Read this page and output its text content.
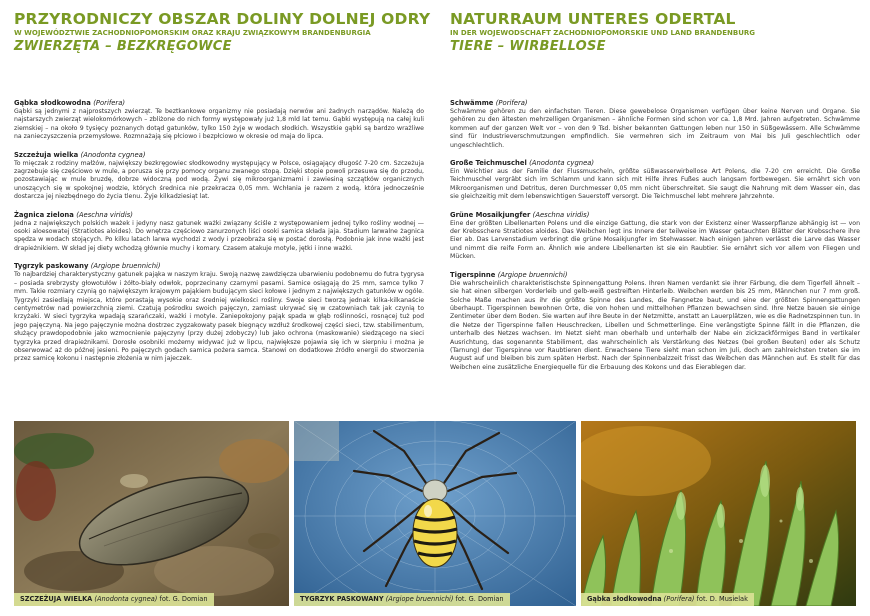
PRZYRODNICZY OBSZAR DOLINY DOLNEJ ODRY
W WOJEWÓDZTWIE ZACHODNIOPOMORSKIM ORAZ KRAJU ZWIĄZKOWYM BRANDENBURGIA
ZWIERZĘTA – BEZKRĘGOWCE
Gąbka słodkowodna (Porifera)
Gąbki są jednymi z najprostszych zwierząt. Te beztkankowe organizmy nie posiadają nerwów ani żadnych narządów. Należą do najstarszych zwierząt wielokomórkowych – zbliżone do nich formy występowały już 1,8 mld lat temu. Gąbki występują na całej kuli ziemskiej – na około 9 tysięcy poznanych dotąd gatunków, tylko 150 żyje w wodach słodkich. Wszystkie gąbki są bardzo wrażliwe na zanieczyszczenia przemysłowe. Rozmnażają się płciowo i bezpłciowo w okresie od maja do lipca.
Szczeżuja wielka (Anodonta cygnea)
To mięczak z rodziny małżów, największy bezkręgowiec słodkowodny występujący w Polsce, osiągający długość 7-20 cm. Szczeżuja zagrzebuje się częściowo w mule, a porusza się przy pomocy organu zwanego stopą. Dzięki stopie powoli przesuwa się do przodu, pozostawiając w mule bruzdę, dobrze widoczną pod wodą. Żywi się mikroorganizmami i zawiesiną szczątków organicznych unoszących się w spokojnej wodzie, których średnica nie przekracza 0,05 mm. Wchłania je razem z wodą, która jednocześnie dostarcza jej niezbędnego do życia tlenu. Żyje kilkadziesiąt lat.
Żagnica zielona (Aeschna viridis)
Jedna z największych polskich ważek i jedyny nasz gatunek ważki związany ściśle z występowaniem jednej tylko rośliny wodnej — osoki aloesowatej (Stratiotes aloides). Do wnętrza częściowo zanurzonych liści osoki samica składa jaja. Stadium larwalne żagnica spędza w wodach stojących. Po kilku latach larwa wychodzi z wody i przeobraża się w postać dorosłą. Podobnie jak inne ważki jest drapieżnikiem. W skład jej diety wchodzą głównie muchy i komary. Czasem atakuje motyle, jętki i inne ważki.
Tygrzyk paskowany (Argiope bruennichi)
To najbardziej charakterystyczny gatunek pająka w naszym kraju. Swoją nazwę zawdzięcza ubarwieniu podobnemu do futra tygrysa – posiada srebrzysty głowotułów i żółto-biały odwłok, poprzecinany czarnymi pasami. Samice osiągają do 25 mm, samce tylko 7 mm. Takie rozmiary czynią go największym krajowym pająkiem budującym sieci kołowe i jednym z największych gatunków w ogóle. Tygrzyki zasiedlają miejsca, które porastają wysokie oraz średniej wielkości rośliny. Swoje sieci tworzą jednak kilka-kilkanaście centymetrów nad powierzchnią ziemi. Czatują pośrodku swoich pajęczyn, zamiast ukrywać się w czatowniach tak jak czynią to krzyżaki. W sieci tygrzyka wpadają szarańczaki, ważki i motyle. Zaniepokojony pająk spada w głąb roślinności, rosnącej tuż pod jego pajęczyną. Na jego pajęczynie można dostrzec zygzakowaty pasek biegnący wzdłuż środkowej części sieci, tzw. stabilimentum, służący prawdopodobnie jako wzmocnienie pajęczyny (przy dużej zdobyczy) lub jako ochrona (maskowanie) siedzącego na sieci tygrzyka przed drapieżnikami. Dorosłe osobniki możemy widywać już w lipcu, największe pojawia się ich w sierpniu i można je obserwować aż do późnej jesieni. Po pajęczych godach samica pożera samca. Stanowi on dodatkowe źródło energii do stworzenia przez samicę kokonu i następnie złożenia w nim jajeczek.
NATURRAUM UNTERES ODERTAL
IN DER WOJEWODSCHAFT ZACHODNIOPOMORSKIE UND LAND BRANDENBURG
TIERE – WIRBELLOSE
Schwämme (Porifera)
Schwämme gehören zu den einfachsten Tieren. Diese gewebelose Organismen verfügen über keine Nerven und Organe. Sie gehören zu den ältesten mehrzelligen Organismen – ähnliche Formen sind schon vor ca. 1,8 Mrd. Jahren aufgetreten. Schwämme kommen auf der ganzen Welt vor – von den 9 Tsd. bisher bekannten Gattungen leben nur 150 in Süßgewässern. Alle Schwämme sind für Industrieverschmutzungen empfindlich. Sie vermehren sich im Zeitraum von Mai bis Juli geschlechtlich oder ungeschlechtlich.
Große Teichmuschel (Anodonta cygnea)
Ein Weichtier aus der Familie der Flussmuscheln, größte süßwasserwirbellose Art Polens, die 7-20 cm erreicht. Die Große Teichmuschel vergräbt sich im Schlamm und kann sich mit Hilfe ihres Fußes auch langsam fortbewegen. Sie ernährt sich von Mikroorganismen und Detritus, deren Durchmesser 0,05 mm nicht überschreitet. Sie saugt die Nahrung mit dem Wasser ein, das sie gleichzeitig mit dem lebenswichtigen Sauerstoff versorgt. Die Teichmuschel lebt mehrere Jahrzehnte.
Grüne Mosaikjungfer (Aeschna viridis)
Eine der größten Libellenarten Polens und die einzige Gattung, die stark von der Existenz einer Wasserpflanze abhängig ist — von der Krebsschere Stratiotes aloides. Das Weibchen legt ins Innere der teilweise im Wasser getauchten Blätter der Krebsschere ihre Eier ab. Das Larvenstadium verbringt die grüne Mosaikjungfer im Stehwasser. Nach einigen Jahren verlässt die Larve das Wasser und nimmt die reife Form an. Ähnlich wie andere Libellenarten ist sie ein Raubtier. Sie ernährt sich vor allem von Fliegen und Mücken.
Tigerspinne (Argiope bruennichi)
Die wahrscheinlich charakteristischste Spinnengattung Polens. Ihren Namen verdankt sie ihrer Färbung, die dem Tigerfell ähnelt – sie hat einen silbergen Vorderleib und gelb-weiß gestreiften Hinterleib. Weibchen werden bis 25 mm, Männchen nur 7 mm groß. Solche Maße machen aus ihr die größte Spinne des Landes, die Fangnetze baut, und eine der größten Spinnengattungen überhaupt. Tigerspinnen bewohnen Orte, die von hohen und mittelhohen Pflanzen bewachsen sind. Ihre Netze bauen sie einige Zentimeter über dem Boden. Sie warten auf ihre Beute in der Netzmitte, anstatt an Lauerplätzen, wie es die Radnetzspinnen tun. In die Netze der Tigerspinne fallen Heuschrecken, Libellen und Schmetterlinge. Eine verängstigte Spinne fällt in die Pflanzen, die unterhalb des Netzes wachsen. Im Netzt sieht man oberhalb und unterhalb der Nabe ein zickzackförmiges Band in vertikaler Ausrichtung, das sogenannte Stabiliment, das wahrscheinlich als Verstärkung des Netzes (bei großen Beuten) oder als Schutz (Tarnung) der Tigerspinne vor Raubtieren dient. Erwachsene Tiere sieht man schon im Juli, doch am zahlreichsten treten sie im August auf und bleiben bis zum späten Herbst. Nach der Spinnenbalzzeit frisst das Weibchen das Männchen auf. Es stellt für das Weibchen eine zusätzliche Energiequelle für die Erbauung des Kokons und das Eierablegen dar.
SZCZEŻUJA WIELKA (Anodonta cygnea) fot. G. Domian	TYGRZYK PASKOWANY (Argiope bruennichi) fot. G. Domian	Gąbka słodkowodna (Porifera) fot. D. Musielak
